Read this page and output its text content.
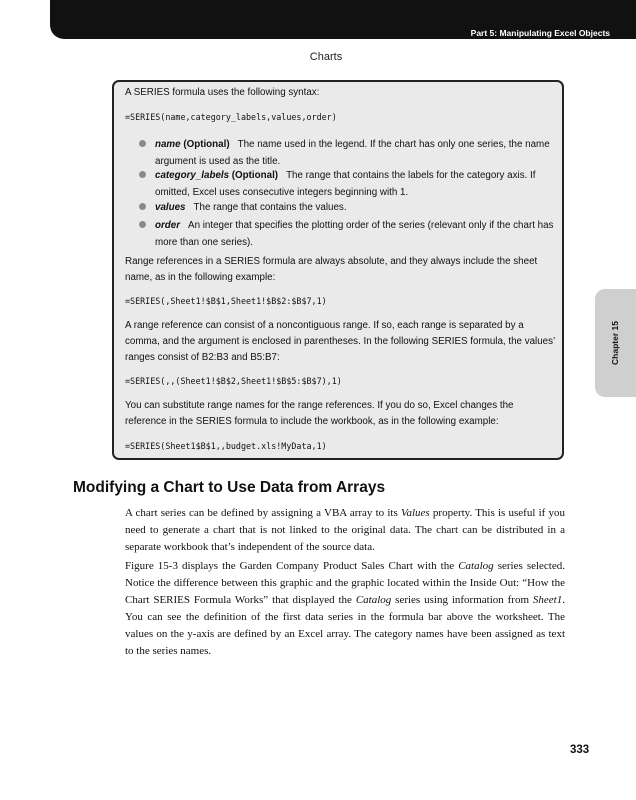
Part 5: Manipulating Excel Objects
Charts
A SERIES formula uses the following syntax:
=SERIES(name,category_labels,values,order)
name (Optional) The name used in the legend. If the chart has only one series, the name argument is used as the title.
category_labels (Optional) The range that contains the labels for the category axis. If omitted, Excel uses consecutive integers beginning with 1.
values The range that contains the values.
order An integer that specifies the plotting order of the series (relevant only if the chart has more than one series).
Range references in a SERIES formula are always absolute, and they always include the sheet name, as in the following example:
=SERIES(,Sheet1!$B$1,Sheet1!$B$2:$B$7,1)
A range reference can consist of a noncontiguous range. If so, each range is separated by a comma, and the argument is enclosed in parentheses. In the following SERIES formula, the values’ ranges consist of B2:B3 and B5:B7:
=SERIES(,,(Sheet1!$B$2,Sheet1!$B$5:$B$7),1)
You can substitute range names for the range references. If you do so, Excel changes the reference in the SERIES formula to include the workbook, as in the following example:
=SERIES(Sheet1$B$1,,budget.xls!MyData,1)
Modifying a Chart to Use Data from Arrays
A chart series can be defined by assigning a VBA array to its Values property. This is useful if you need to generate a chart that is not linked to the original data. The chart can be distributed in a separate workbook that’s independent of the source data.
Figure 15-3 displays the Garden Company Product Sales Chart with the Catalog series selected. Notice the difference between this graphic and the graphic located within the Inside Out: “How the Chart SERIES Formula Works” that displayed the Catalog series using information from Sheet1. You can see the definition of the first data series in the formula bar above the worksheet. The values on the y-axis are defined by an Excel array. The category names have been assigned as text to the series names.
Chapter 15
333
